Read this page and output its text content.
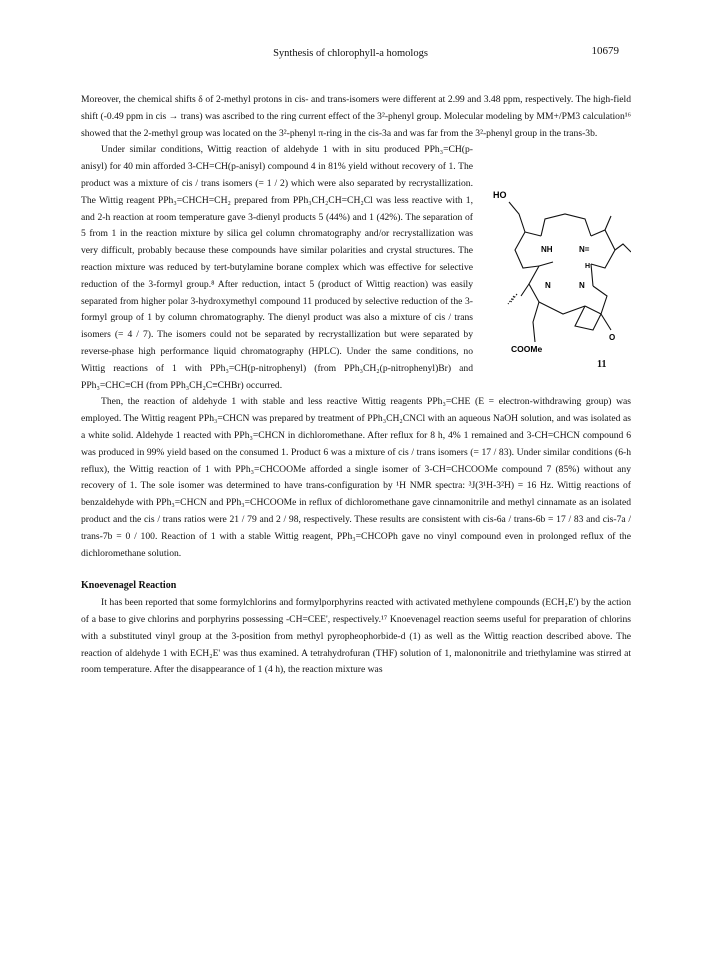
Synthesis of chlorophyll-a homologs	10679

Moreover, the chemical shifts δ of 2-methyl protons in cis- and trans-isomers were different at 2.99 and 3.48 ppm, respectively. The high-field shift (-0.49 ppm in cis → trans) was ascribed to the ring current effect of the 3²-phenyl group. Molecular modeling by MM+/PM3 calculation¹⁶ showed that the 2-methyl group was located on the 3²-phenyl π-ring in the cis-3a and was far from the 3²-phenyl group in the trans-3b.

HO
NH	N=
H
N	N
O
COOMe
11
Under similar conditions, Wittig reaction of aldehyde 1 with in situ produced PPh₃=CH(p-anisyl) for 40 min afforded 3-CH=CH(p-anisyl) compound 4 in 81% yield without recovery of 1. The product was a mixture of cis / trans isomers (= 1 / 2) which were also separated by recrystallization. The Wittig reagent PPh₃=CHCH=CH₂ prepared from PPh₃CH₂CH=CH₂Cl was less reactive with 1, and 2-h reaction at room temperature gave 3-dienyl products 5 (44%) and 1 (42%). The separation of 5 from 1 in the reaction mixture by silica gel column chromatography and/or recrystallization was very difficult, probably because these compounds have similar polarities and crystal structures. The reaction mixture was reduced by tert-butylamine borane complex which was effective for selective reduction of the 3-formyl group.⁸ After reduction, intact 5 (product of Wittig reaction) was easily separated from higher polar 3-hydroxymethyl compound 11 produced by selective reduction of the 3-formyl group of 1 by column chromatography. The dienyl product was also a mixture of cis / trans isomers (= 4 / 7). The isomers could not be separated by recrystallization but were separated by reverse-phase high performance liquid chromatography (HPLC). Under the same conditions, no Wittig reactions of 1 with PPh₃=CH(p-nitrophenyl) (from PPh₃CH₂(p-nitrophenyl)Br) and PPh₃=CHC≡CH (from PPh₃CH₂C≡CHBr) occurred.

Then, the reaction of aldehyde 1 with stable and less reactive Wittig reagents PPh₃=CHE (E = electron-withdrawing group) was employed. The Wittig reagent PPh₃=CHCN was prepared by treatment of PPh₃CH₂CNCl with an aqueous NaOH solution, and was isolated as a white solid. Aldehyde 1 reacted with PPh₃=CHCN in dichloromethane. After reflux for 8 h, 4% 1 remained and 3-CH=CHCN compound 6 was produced in 99% yield based on the consumed 1. Product 6 was a mixture of cis / trans isomers (= 17 / 83). Under similar conditions (6-h reflux), the Wittig reaction of 1 with PPh₃=CHCOOMe afforded a single isomer of 3-CH=CHCOOMe compound 7 (85%) without any recovery of 1. The sole isomer was determined to have trans-configuration by ¹H NMR spectra: ³J(3¹H-3²H) = 16 Hz. Wittig reactions of benzaldehyde with PPh₃=CHCN and PPh₃=CHCOOMe in reflux of dichloromethane gave cinnamonitrile and methyl cinnamate as an isolated product and the cis / trans ratios were 21 / 79 and 2 / 98, respectively. These results are consistent with cis-6a / trans-6b = 17 / 83 and cis-7a / trans-7b = 0 / 100. Reaction of 1 with a stable Wittig reagent, PPh₃=CHCOPh gave no vinyl compound even in prolonged reflux of the dichloromethane solution.

Knoevenagel Reaction

It has been reported that some formylchlorins and formylporphyrins reacted with activated methylene compounds (ECH₂E') by the action of a base to give chlorins and porphyrins possessing -CH=CEE', respectively.¹⁷ Knoevenagel reaction seems useful for preparation of chlorins with a substituted vinyl group at the 3-position from methyl pyropheophorbide-d (1) as well as the Wittig reaction described above. The reaction of aldehyde 1 with ECH₂E' was thus examined. A tetrahydrofuran (THF) solution of 1, malononitrile and triethylamine was stirred at room temperature. After the disappearance of 1 (4 h), the reaction mixture was
